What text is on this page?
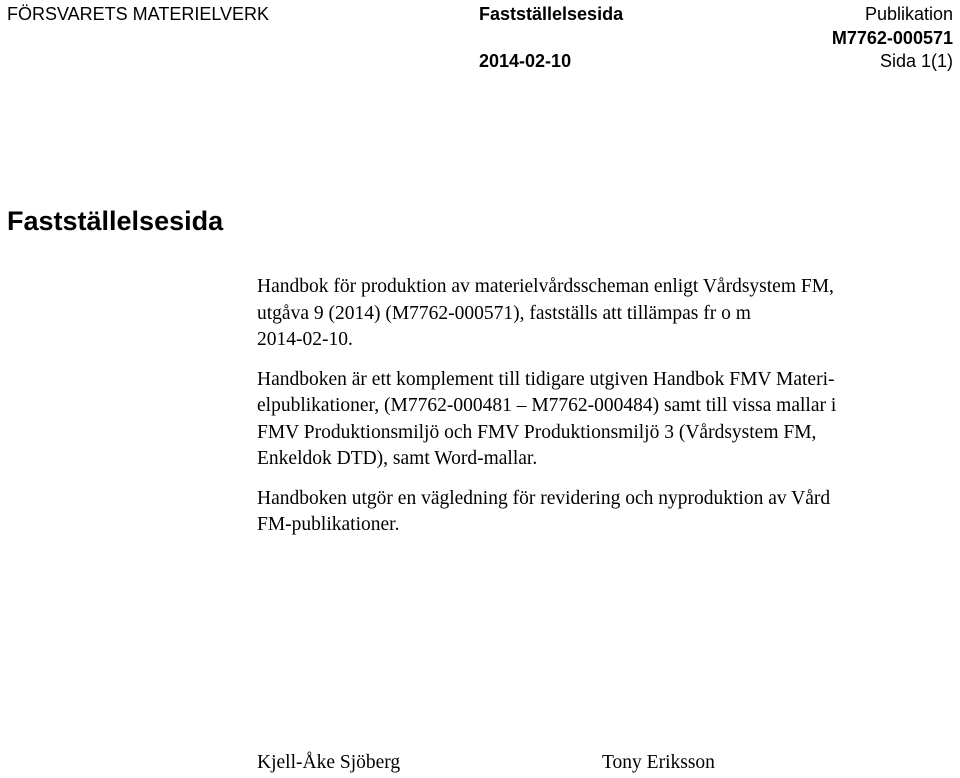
FÖRSVARETS MATERIELVERK	Fastställelsesida	Publikation
M7762-000571
2014-02-10	Sida 1(1)
Fastställelsesida

Handbok för produktion av materielvårdsscheman enligt Vårdsystem FM,
utgåva 9 (2014) (M7762-000571), fastställs att tillämpas fr o m
2014-02-10.

Handboken är ett komplement till tidigare utgiven Handbok FMV Materi-
elpublikationer, (M7762-000481 – M7762-000484) samt till vissa mallar i
FMV Produktionsmiljö och FMV Produktionsmiljö 3 (Vårdsystem FM,
Enkeldok DTD), samt Word-mallar.

Handboken utgör en vägledning för revidering och nyproduktion av Vård
FM-publikationer.

Kjell-Åke Sjöberg	Tony Eriksson
